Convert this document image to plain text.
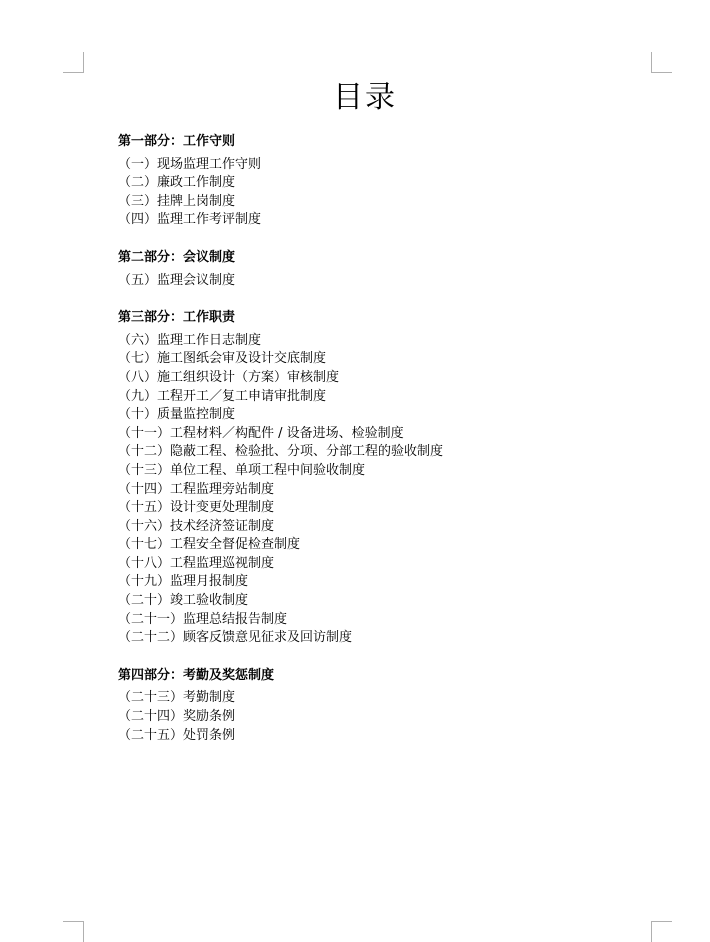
目录
第一部分：工作守则
（一）现场监理工作守则
（二）廉政工作制度
（三）挂牌上岗制度
（四）监理工作考评制度
第二部分：会议制度
（五）监理会议制度
第三部分：工作职责
（六）监理工作日志制度
（七）施工图纸会审及设计交底制度
（八）施工组织设计（方案）审核制度
（九）工程开工／复工申请审批制度
（十）质量监控制度
（十一）工程材料／构配件 / 设备进场、检验制度
（十二）隐蔽工程、检验批、分项、分部工程的验收制度
（十三）单位工程、单项工程中间验收制度
（十四）工程监理旁站制度
（十五）设计变更处理制度
（十六）技术经济签证制度
（十七）工程安全督促检查制度
（十八）工程监理巡视制度
（十九）监理月报制度
（二十）竣工验收制度
（二十一）监理总结报告制度
（二十二）顾客反馈意见征求及回访制度
第四部分：考勤及奖惩制度
（二十三）考勤制度
（二十四）奖励条例
（二十五）处罚条例
